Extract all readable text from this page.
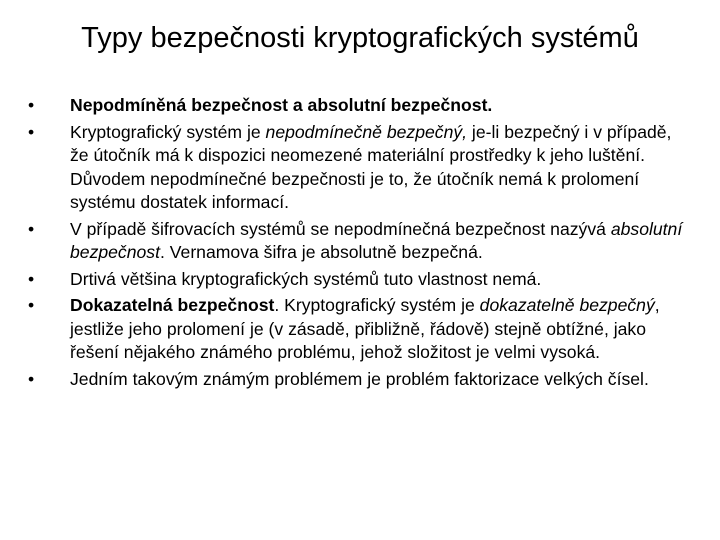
Typy bezpečnosti kryptografických systémů
•	Nepodmíněná bezpečnost a absolutní bezpečnost.
•	Kryptografický systém je nepodmínečně bezpečný, je-li bezpečný i v případě, že útočník má k dispozici neomezené materiální prostředky k jeho luštění. Důvodem nepodmínečné bezpečnosti je to, že útočník nemá k prolomení systému dostatek informací.
•	V případě šifrovacích systémů se nepodmínečná bezpečnost nazývá absolutní bezpečnost. Vernamova šifra je absolutně bezpečná.
•	Drtivá většina kryptografických systémů tuto vlastnost nemá.
•	Dokazatelná bezpečnost. Kryptografický systém je dokazatelně bezpečný, jestliže jeho prolomení je (v zásadě, přibližně, řádově) stejně obtížné, jako řešení nějakého známého problému, jehož složitost je velmi vysoká.
•	Jedním takovým známým problémem je problém faktorizace velkých čísel.
